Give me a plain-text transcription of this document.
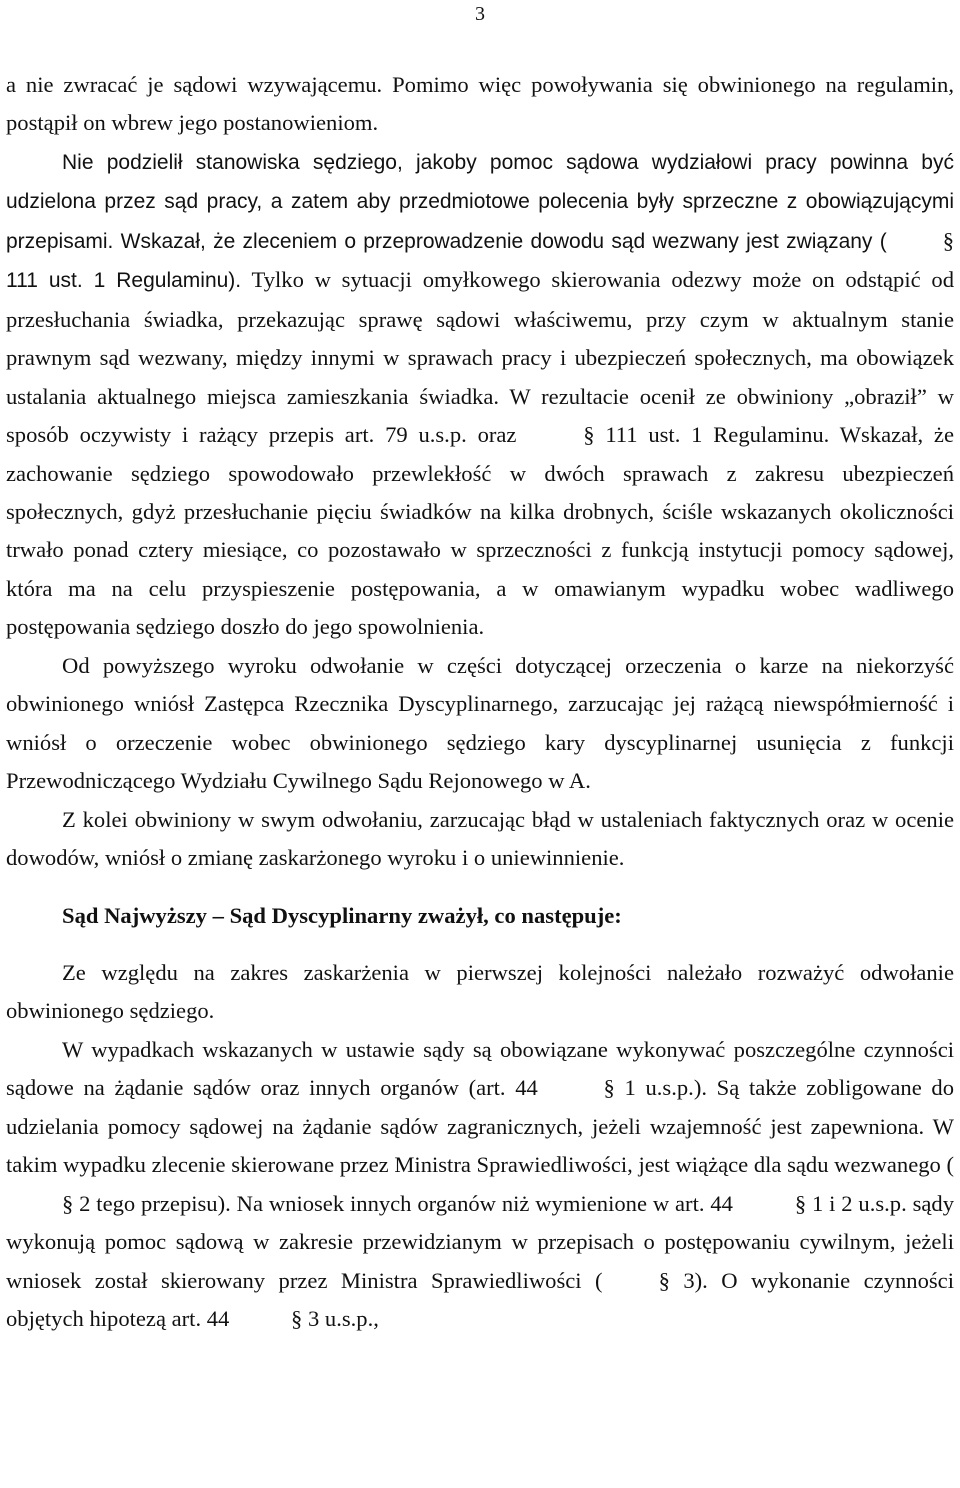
3

a nie zwracać je sądowi wzywającemu. Pomimo więc powoływania się obwinionego na regulamin, postąpił on wbrew jego postanowieniom.

Nie podzielił stanowiska sędziego, jakoby pomoc sądowa wydziałowi pracy powinna być udzielona przez sąd pracy, a zatem aby przedmiotowe polecenia były sprzeczne z obowiązującymi przepisami. Wskazał, że zleceniem o przeprowadzenie dowodu sąd wezwany jest związany ( § 111 ust. 1 Regulaminu). Tylko w sytuacji omyłkowego skierowania odezwy może on odstąpić od przesłuchania świadka, przekazując sprawę sądowi właściwemu, przy czym w aktualnym stanie prawnym sąd wezwany, między innymi w sprawach pracy i ubezpieczeń społecznych, ma obowiązek ustalania aktualnego miejsca zamieszkania świadka. W rezultacie ocenił ze obwiniony „obraził” w sposób oczywisty i rażący przepis art. 79 u.s.p. oraz § 111 ust. 1 Regulaminu. Wskazał, że zachowanie sędziego spowodowało przewlekłość w dwóch sprawach z zakresu ubezpieczeń społecznych, gdyż przesłuchanie pięciu świadków na kilka drobnych, ściśle wskazanych okoliczności trwało ponad cztery miesiące, co pozostawało w sprzeczności z funkcją instytucji pomocy sądowej, która ma na celu przyspieszenie postępowania, a w omawianym wypadku wobec wadliwego postępowania sędziego doszło do jego spowolnienia.

Od powyższego wyroku odwołanie w części dotyczącej orzeczenia o karze na niekorzyść obwinionego wniósł Zastępca Rzecznika Dyscyplinarnego, zarzucając jej rażącą niewspółmierność i wniósł o orzeczenie wobec obwinionego sędziego kary dyscyplinarnej usunięcia z funkcji Przewodniczącego Wydziału Cywilnego Sądu Rejonowego w A.

Z kolei obwiniony w swym odwołaniu, zarzucając błąd w ustaleniach faktycznych oraz w ocenie dowodów, wniósł o zmianę zaskarżonego wyroku i o uniewinnienie.

Sąd Najwyższy – Sąd Dyscyplinarny zważył, co następuje:

Ze względu na zakres zaskarżenia w pierwszej kolejności należało rozważyć odwołanie obwinionego sędziego.

W wypadkach wskazanych w ustawie sądy są obowiązane wykonywać poszczególne czynności sądowe na żądanie sądów oraz innych organów (art. 44 § 1 u.s.p.). Są także zobligowane do udzielania pomocy sądowej na żądanie sądów zagranicznych, jeżeli wzajemność jest zapewniona. W takim wypadku zlecenie skierowane przez Ministra Sprawiedliwości, jest wiążące dla sądu wezwanego (§ 2 tego przepisu). Na wniosek innych organów niż wymienione w art. 44 § 1 i 2 u.s.p. sądy wykonują pomoc sądową w zakresie przewidzianym w przepisach o postępowaniu cywilnym, jeżeli wniosek został skierowany przez Ministra Sprawiedliwości ( § 3). O wykonanie czynności objętych hipotezą art. 44 § 3 u.s.p.,
